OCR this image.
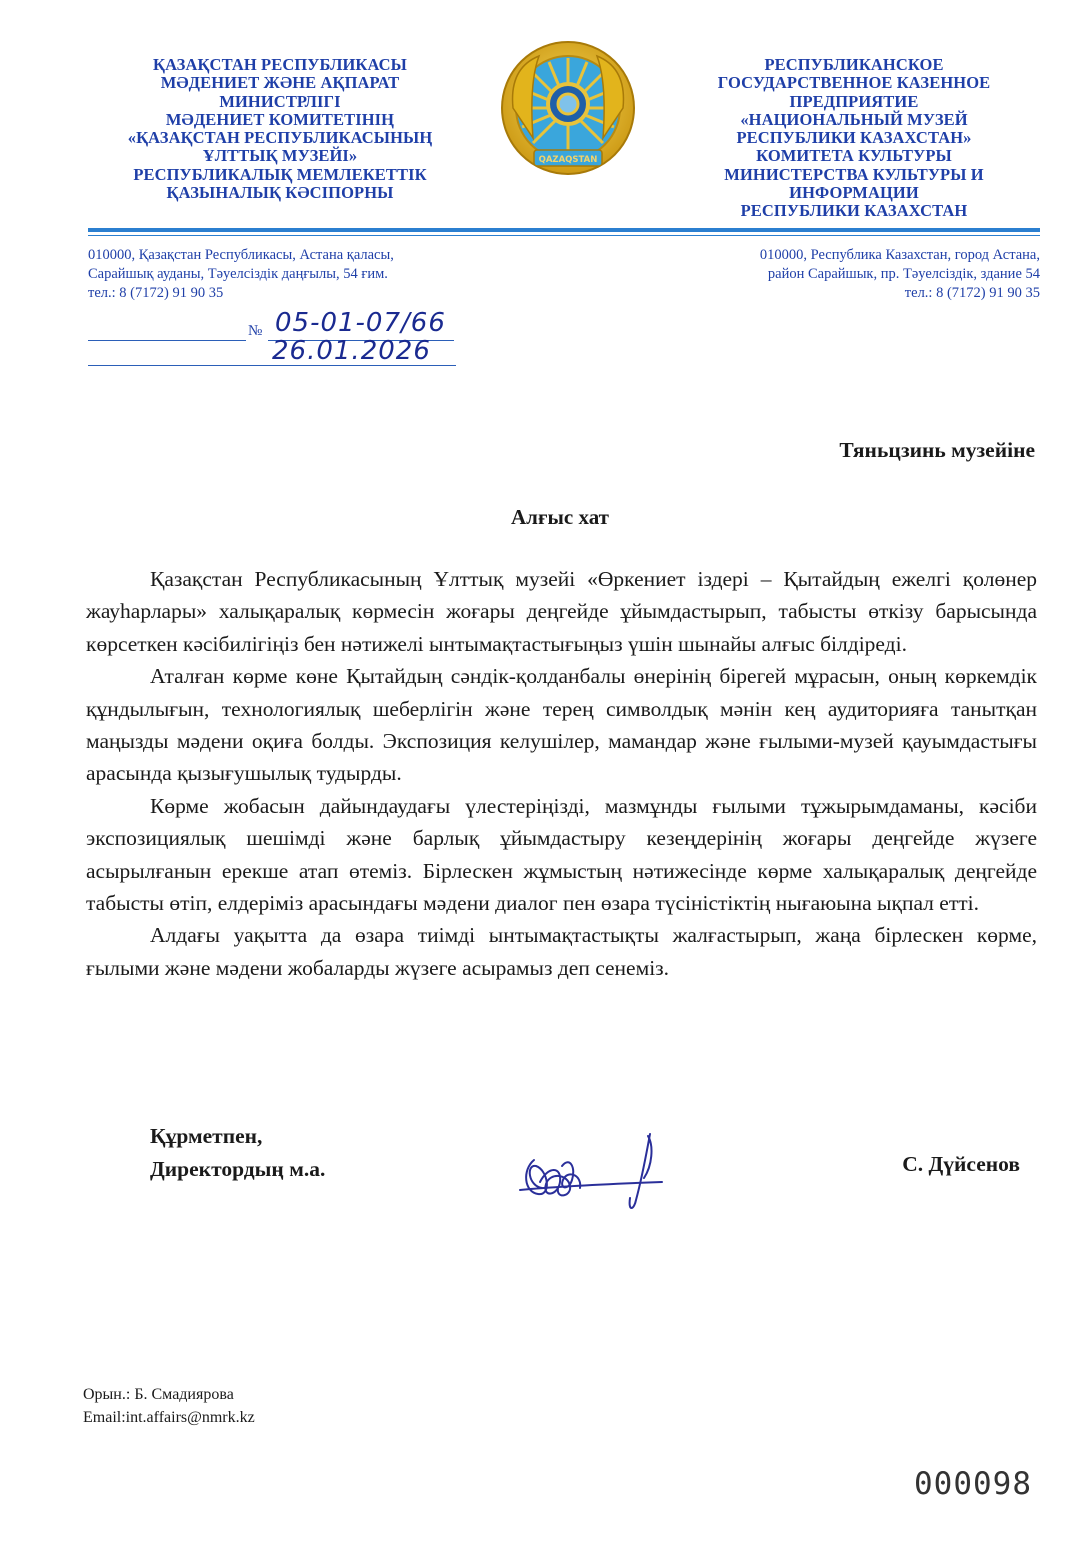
ҚАЗАҚСТАН РЕСПУБЛИКАСЫ
МӘДЕНИЕТ ЖӘНЕ АҚПАРАТ
МИНИСТРЛІГІ
МӘДЕНИЕТ КОМИТЕТІНІҢ
«ҚАЗАҚСТАН РЕСПУБЛИКАСЫНЫҢ
ҰЛТТЫҚ МУЗЕЙІ»
РЕСПУБЛИКАЛЫҚ МЕМЛЕКЕТТІК
ҚАЗЫНАЛЫҚ КӘСІПОРНЫ
QAZAQSTAN
РЕСПУБЛИКАНСКОЕ
ГОСУДАРСТВЕННОЕ КАЗЕННОЕ
ПРЕДПРИЯТИЕ
«НАЦИОНАЛЬНЫЙ МУЗЕЙ
РЕСПУБЛИКИ КАЗАХСТАН»
КОМИТЕТА КУЛЬТУРЫ
МИНИСТЕРСТВА КУЛЬТУРЫ И
ИНФОРМАЦИИ
РЕСПУБЛИКИ КАЗАХСТАН
010000, Қазақстан Республикасы, Астана қаласы,
Сарайшық ауданы, Тәуелсіздік даңғылы, 54 ғим.
тел.: 8 (7172) 91 90 35
010000, Республика Казахстан, город Астана,
район Сарайшык, пр. Тәуелсіздік, здание 54
тел.: 8 (7172) 91 90 35
№ 05-01-07/66
26.01.2026
Тяньцзинь музейіне
Алғыс хат

Қазақстан Республикасының Ұлттық музейі «Өркениет іздері – Қытайдың ежелгі қолөнер жауһарлары» халықаралық көрмесін жоғары деңгейде ұйымдастырып, табысты өткізу барысында көрсеткен кәсібилігіңіз бен нәтижелі ынтымақтастығыңыз үшін шынайы алғыс білдіреді.

Аталған көрме көне Қытайдың сәндік-қолданбалы өнерінің бірегей мұрасын, оның көркемдік құндылығын, технологиялық шеберлігін және терең символдық мәнін кең аудиторияға танытқан маңызды мәдени оқиға болды. Экспозиция келушілер, мамандар және ғылыми-музей қауымдастығы арасында қызығушылық тудырды.

Көрме жобасын дайындаудағы үлестеріңізді, мазмұнды ғылыми тұжырымдаманы, кәсіби экспозициялық шешімді және барлық ұйымдастыру кезеңдерінің жоғары деңгейде жүзеге асырылғанын ерекше атап өтеміз. Бірлескен жұмыстың нәтижесінде көрме халықаралық деңгейде табысты өтіп, елдеріміз арасындағы мәдени диалог пен өзара түсіністіктің нығаюына ықпал етті.

Алдағы уақытта да өзара тиімді ынтымақтастықты жалғастырып, жаңа бірлескен көрме, ғылыми және мәдени жобаларды жүзеге асырамыз деп сенеміз.

Құрметпен,
Директордың м.а.	С. Дүйсенов
Орын.: Б. Смадиярова
Email:int.affairs@nmrk.kz
000098
